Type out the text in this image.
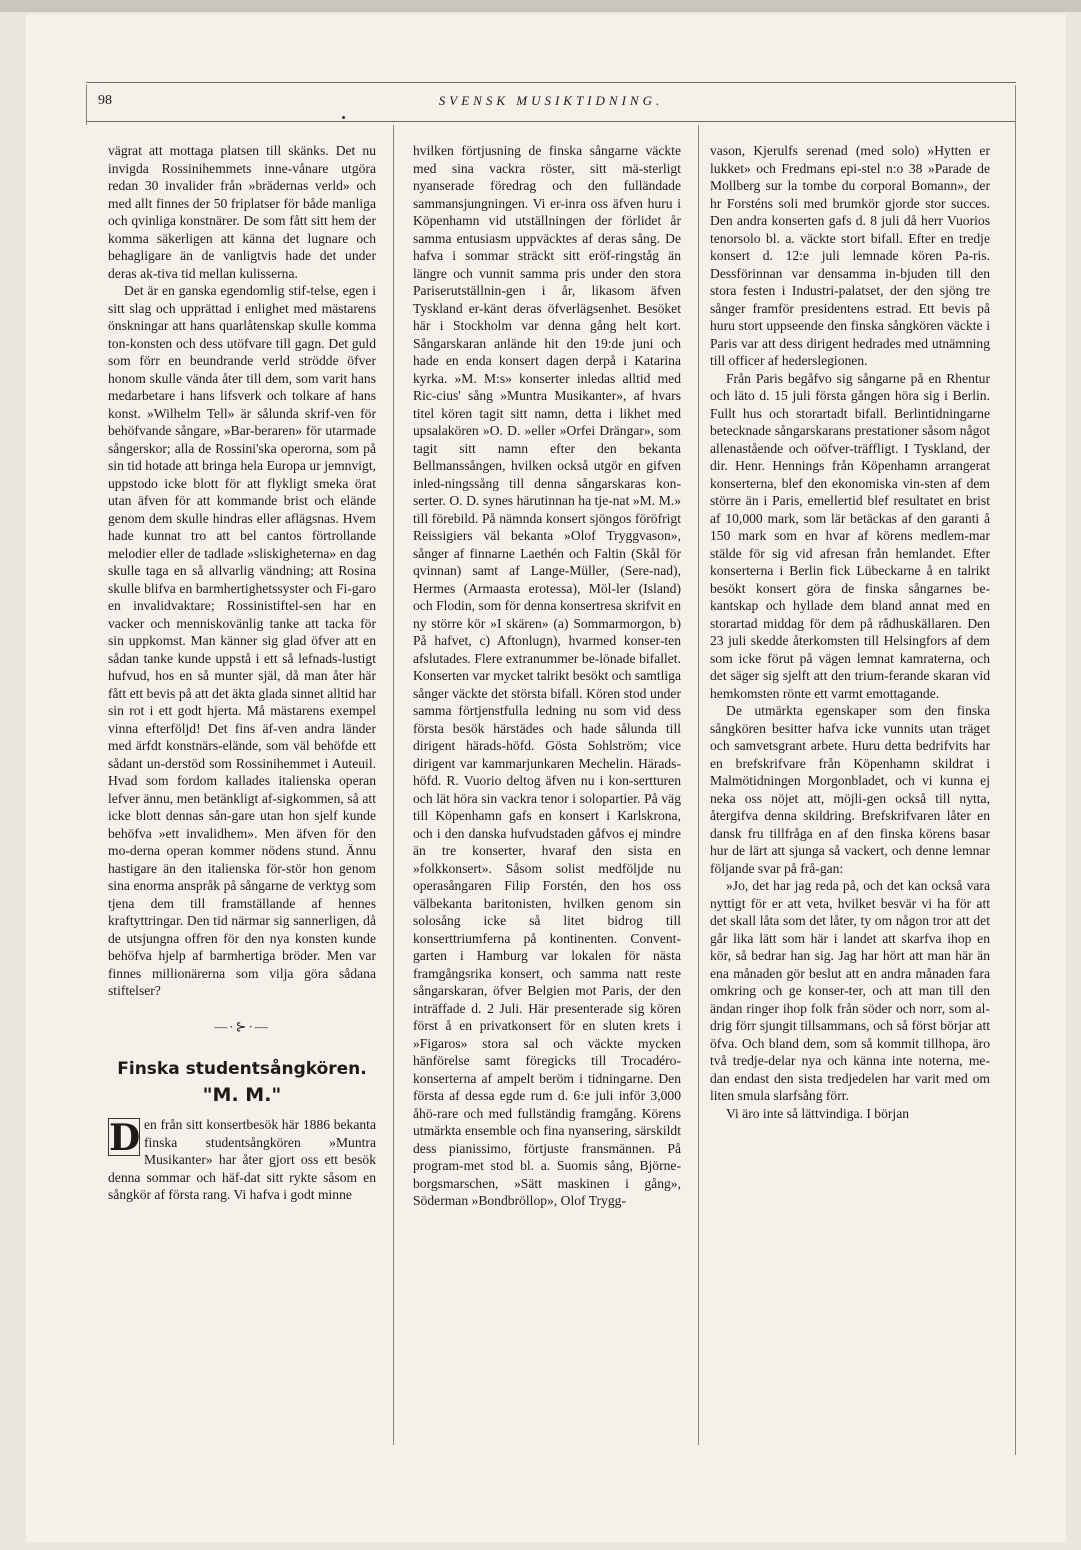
98	SVENSK MUSIKTIDNING.

vägrat att mottaga platsen till skänks. Det nu invigda Rossinihemmets inne-vånare utgöra redan 30 invalider från »brädernas verld» och med allt finnes der 50 friplatser för både manliga och qvinliga konstnärer. De som fått sitt hem der komma säkerligen att känna det lugnare och behagligare än de vanligtvis hade det under deras ak-tiva tid mellan kulisserna.

Det är en ganska egendomlig stif-telse, egen i sitt slag och upprättad i enlighet med mästarens önskningar att hans quarlåtenskap skulle komma ton-konsten och dess utöfvare till gagn. Det guld som förr en beundrande verld strödde öfver honom skulle vända åter till dem, som varit hans medarbetare i hans lifsverk och tolkare af hans konst. »Wilhelm Tell» är sålunda skrif-ven för behöfvande sångare, »Bar-beraren» för utarmade sångerskor; alla de Rossini'ska operorna, som på sin tid hotade att bringa hela Europa ur jemnvigt, uppstodo icke blott för att flykligt smeka örat utan äfven för att kommande brist och elände genom dem skulle hindras eller aflägsnas. Hvem hade kunnat tro att bel cantos förtrollande melodier eller de tadlade »sliskigheterna» en dag skulle taga en så allvarlig vändning; att Rosina skulle blifva en barmhertighetssyster och Fi-garo en invalidvaktare; Rossinistiftel-sen har en vacker och menniskovänlig tanke att tacka för sin uppkomst. Man känner sig glad öfver att en sådan tanke kunde uppstå i ett så lefnads-lustigt hufvud, hos en så munter själ, då man åter här fått ett bevis på att det äkta glada sinnet alltid har sin rot i ett godt hjerta. Må mästarens exempel vinna efterföljd! Det fins äf-ven andra länder med ärfdt konstnärs-elände, som väl behöfde ett sådant un-derstöd som Rossinihemmet i Auteuil. Hvad som fordom kallades italienska operan lefver ännu, men betänkligt af-sigkommen, så att icke blott dennas sån-gare utan hon sjelf kunde behöfva »ett invalidhem». Men äfven för den mo-derna operan kommer nödens stund. Ännu hastigare än den italienska för-stör hon genom sina enorma anspråk på sångarne de verktyg som tjena dem till framställande af hennes kraftyttringar. Den tid närmar sig sannerligen, då de utsjungna offren för den nya konsten kunde behöfva hjelp af barmhertiga bröder. Men var finnes millionärerna som vilja göra sådana stiftelser?

—·⊱·—
Finska studentsångkören.
"M. M."

D en från sitt konsertbesök här 1886 bekanta finska studentsångkören »Muntra Musikanter» har åter gjort oss ett besök denna sommar och häf-dat sitt rykte såsom en sångkör af första rang. Vi hafva i godt minne

hvilken förtjusning de finska sångarne väckte med sina vackra röster, sitt mä-sterligt nyanserade föredrag och den fulländade sammansjungningen. Vi er-inra oss äfven huru i Köpenhamn vid utställningen der förlidet år samma entusiasm uppväcktes af deras sång. De hafva i sommar sträckt sitt eröf-ringståg än längre och vunnit samma pris under den stora Pariserutställnin-gen i år, likasom äfven Tyskland er-känt deras öfverlägsenhet. Besöket här i Stockholm var denna gång helt kort. Sångarskaran anlände hit den 19:de juni och hade en enda konsert dagen derpå i Katarina kyrka. »M. M:s» konserter inledas alltid med Ric-cius' sång »Muntra Musikanter», af hvars titel kören tagit sitt namn, detta i likhet med upsalakören »O. D. »eller »Orfei Drängar», som tagit sitt namn efter den bekanta Bellmanssången, hvilken också utgör en gifven inled-ningssång till denna sångarskaras kon-serter. O. D. synes härutinnan ha tje-nat »M. M.» till förebild. På nämnda konsert sjöngos föröfrigt Reissigiers väl bekanta »Olof Tryggvason», sånger af finnarne Laethén och Faltin (Skål för qvinnan) samt af Lange-Müller, (Sere-nad), Hermes (Armaasta erotessa), Möl-ler (Island) och Flodin, som för denna konsertresa skrifvit en ny större kör »I skären» (a) Sommarmorgon, b) På hafvet, c) Aftonlugn), hvarmed konser-ten afslutades. Flere extranummer be-lönade bifallet. Konserten var mycket talrikt besökt och samtliga sånger väckte det största bifall. Kören stod under samma förtjenstfulla ledning nu som vid dess första besök härstädes och hade sålunda till dirigent härads-höfd. Gösta Sohlström; vice dirigent var kammarjunkaren Mechelin. Härads-höfd. R. Vuorio deltog äfven nu i kon-sertturen och lät höra sin vackra tenor i solopartier. På väg till Köpenhamn gafs en konsert i Karlskrona, och i den danska hufvudstaden gåfvos ej mindre än tre konserter, hvaraf den sista en »folkkonsert». Såsom solist medföljde nu operasångaren Filip Forstén, den hos oss välbekanta baritonisten, hvilken genom sin solosång icke så litet bidrog till konserttriumferna på kontinenten. Convent-garten i Hamburg var lokalen för nästa framgångsrika konsert, och samma natt reste sångarskaran, öfver Belgien mot Paris, der den inträffade d. 2 Juli. Här presenterade sig kören först å en privatkonsert för en sluten krets i »Figaros» stora sal och väckte mycken hänförelse samt föregicks till Trocadéro-konserterna af ampelt beröm i tidningarne. Den första af dessa egde rum d. 6:e juli inför 3,000 åhö-rare och med fullständig framgång. Körens utmärkta ensemble och fina nyansering, särskildt dess pianissimo, förtjuste fransmännen. På program-met stod bl. a. Suomis sång, Björne-borgsmarschen, »Sätt maskinen i gång», Söderman »Bondbröllop», Olof Trygg-

vason, Kjerulfs serenad (med solo) »Hytten er lukket» och Fredmans epi-stel n:o 38 »Parade de Mollberg sur la tombe du corporal Bomann», der hr Forsténs soli med brumkör gjorde stor succes. Den andra konserten gafs d. 8 juli då herr Vuorios tenorsolo bl. a. väckte stort bifall. Efter en tredje konsert d. 12:e juli lemnade kören Pa-ris. Dessförinnan var densamma in-bjuden till den stora festen i Industri-palatset, der den sjöng tre sånger framför presidentens estrad. Ett bevis på huru stort uppseende den finska sångkören väckte i Paris var att dess dirigent hedrades med utnämning till officer af hederslegionen.

Från Paris begåfvo sig sångarne på en Rhentur och läto d. 15 juli första gången höra sig i Berlin. Fullt hus och storartadt bifall. Berlintidningarne betecknade sångarskarans prestationer såsom något allenastående och oöfver-träffligt. I Tyskland, der dir. Henr. Hennings från Köpenhamn arrangerat konserterna, blef den ekonomiska vin-sten af dem större än i Paris, emellertid blef resultatet en brist af 10,000 mark, som lär betäckas af den garanti å 150 mark som en hvar af körens medlem-mar stälde för sig vid afresan från hemlandet. Efter konserterna i Berlin fick Lübeckarne å en talrikt besökt konsert göra de finska sångarnes be-kantskap och hyllade dem bland annat med en storartad middag för dem på rådhuskällaren. Den 23 juli skedde återkomsten till Helsingfors af dem som icke förut på vägen lemnat kamraterna, och det säger sig sjelft att den trium-ferande skaran vid hemkomsten rönte ett varmt emottagande.

De utmärkta egenskaper som den finska sångkören besitter hafva icke vunnits utan träget och samvetsgrant arbete. Huru detta bedrifvits har en brefskrifvare från Köpenhamn skildrat i Malmötidningen Morgonbladet, och vi kunna ej neka oss nöjet att, möjli-gen också till nytta, återgifva denna skildring. Brefskrifvaren låter en dansk fru tillfråga en af den finska körens basar hur de lärt att sjunga så vackert, och denne lemnar följande svar på frå-gan:

»Jo, det har jag reda på, och det kan också vara nyttigt för er att veta, hvilket besvär vi ha för att det skall låta som det låter, ty om någon tror att det går lika lätt som här i landet att skarfva ihop en kör, så bedrar han sig. Jag har hört att man här än ena månaden gör beslut att en andra månaden fara omkring och ge konser-ter, och att man till den ändan ringer ihop folk från söder och norr, som al-drig förr sjungit tillsammans, och så först börjar att öfva. Och bland dem, som så kommit tillhopa, äro två tredje-delar nya och känna inte noterna, me-dan endast den sista tredjedelen har varit med om liten smula slarfsång förr.

Vi äro inte så lättvindiga. I början
